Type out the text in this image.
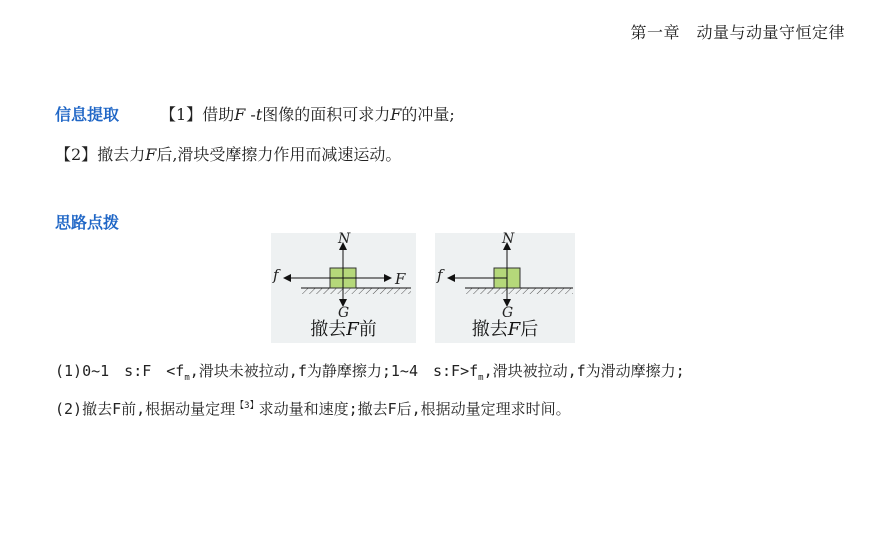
第一章　动量与动量守恒定律
信息提取	【1】借助F -t图像的面积可求力F的冲量;
【2】撤去力F后,滑块受摩擦力作用而减速运动。
思路点拨
N
f	F
G
撤去F前
N
f
G
撤去F后
(1)0~1　s:F　$<f_m$,滑块未被拉动,f为静摩擦力;1~4　$s:F>f_m$,滑块被拉动,f为滑动摩擦力;
(2)撤去F前,根据动量定理$^{【3】}$求动量和速度;撤去F后,根据动量定理求时间。
